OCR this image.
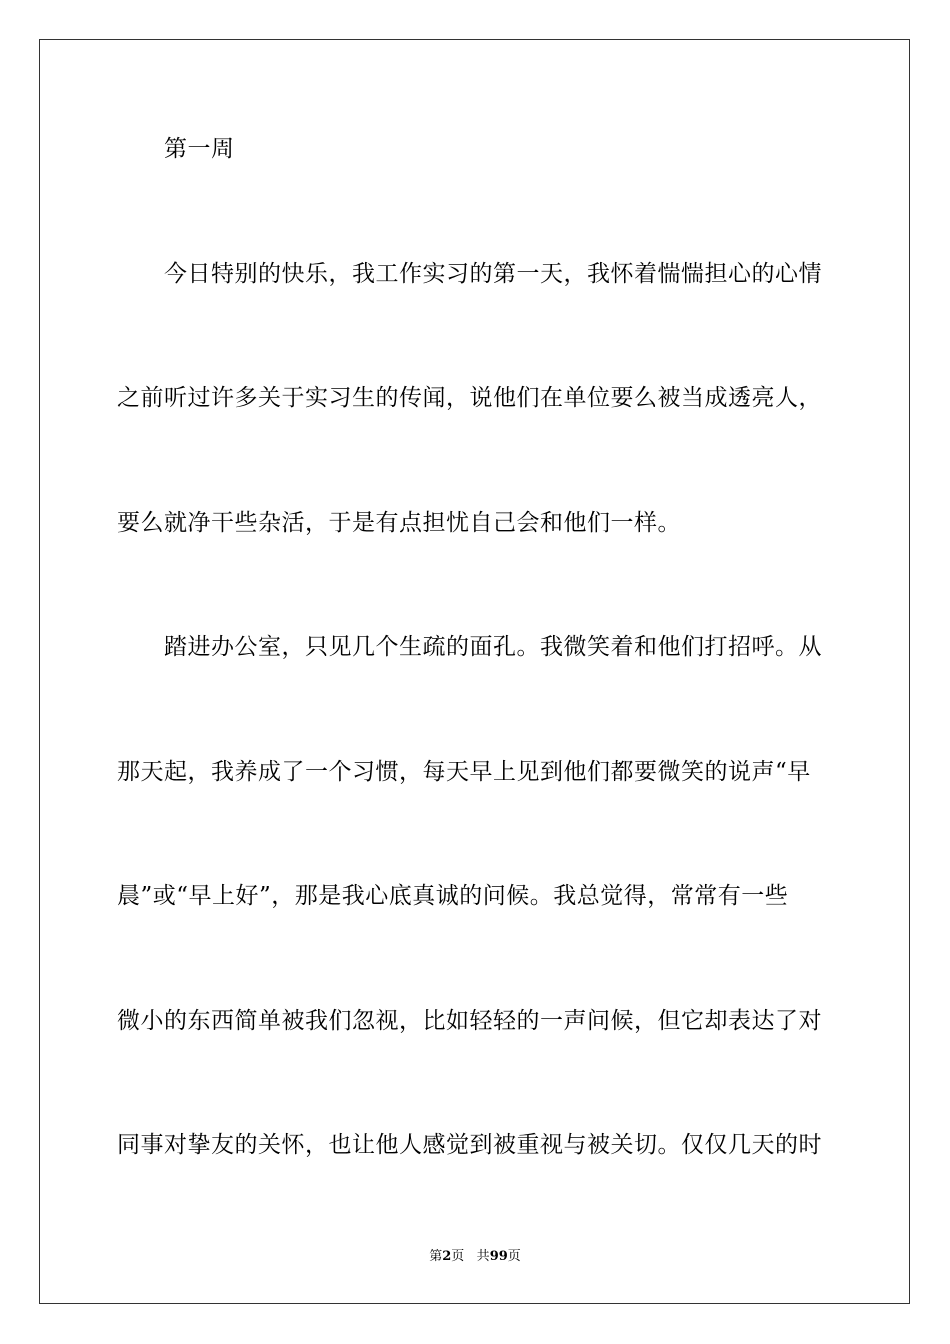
第一周
今日特别的快乐，我工作实习的第一天，我怀着惴惴担心的心情
之前听过许多关于实习生的传闻，说他们在单位要么被当成透亮人，
要么就净干些杂活，于是有点担忧自己会和他们一样。
踏进办公室，只见几个生疏的面孔。我微笑着和他们打招呼。从
那天起，我养成了一个习惯，每天早上见到他们都要微笑的说声“早
晨”或“早上好”，那是我心底真诚的问候。我总觉得，常常有一些
微小的东西简单被我们忽视，比如轻轻的一声问候，但它却表达了对
同事对挚友的关怀，也让他人感觉到被重视与被关切。仅仅几天的时
第2页 共99页
